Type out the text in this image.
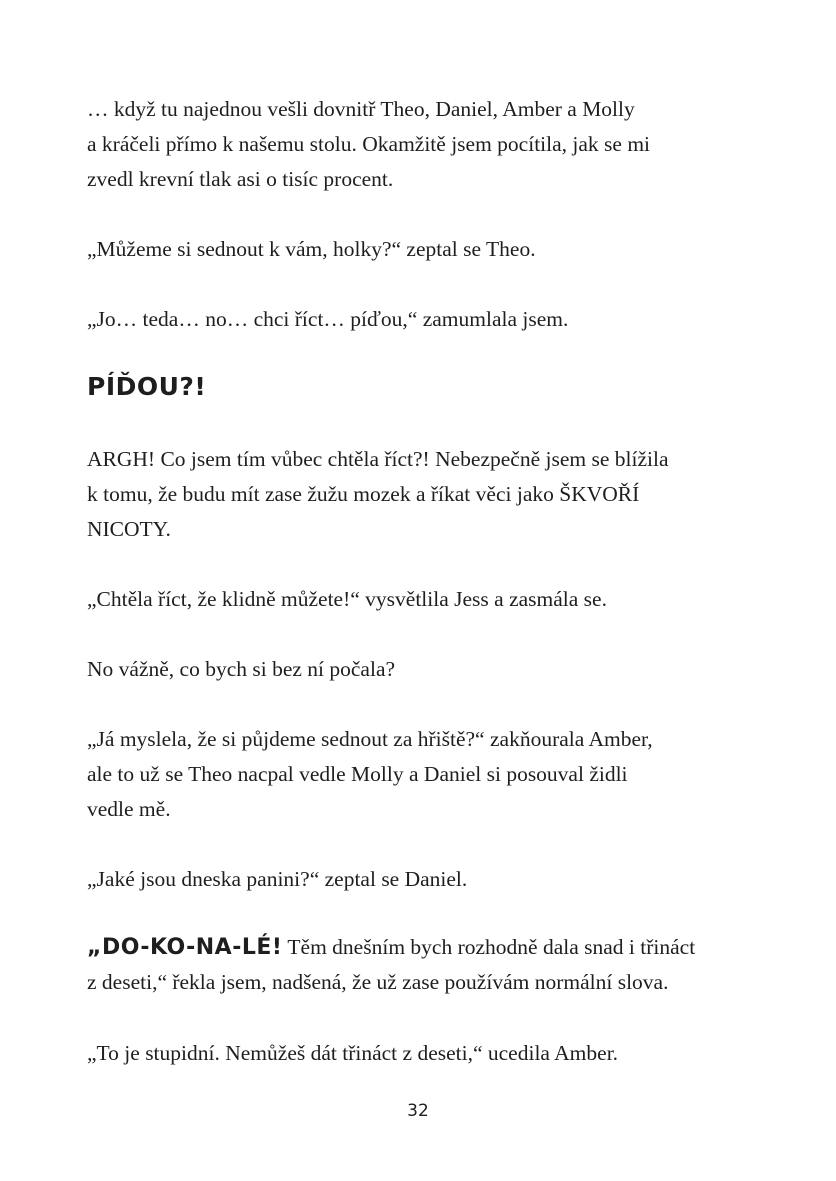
… když tu najednou vešli dovnitř Theo, Daniel, Amber a Molly
a kráčeli přímo k našemu stolu. Okamžitě jsem pocítila, jak se mi
zvedl krevní tlak asi o tisíc procent.

„Můžeme si sednout k vám, holky?“ zeptal se Theo.

„Jo… teda… no… chci říct… píďou,“ zamumlala jsem.

PÍĎOU?!

ARGH! Co jsem tím vůbec chtěla říct?! Nebezpečně jsem se blížila
k tomu, že budu mít zase žužu mozek a říkat věci jako ŠKVOŘÍ
NICOTY.

„Chtěla říct, že klidně můžete!“ vysvětlila Jess a zasmála se.

No vážně, co bych si bez ní počala?

„Já myslela, že si půjdeme sednout za hřiště?“ zakňourala Amber,
ale to už se Theo nacpal vedle Molly a Daniel si posouval židli
vedle mě.

„Jaké jsou dneska panini?“ zeptal se Daniel.

„DO-KO-NA-LÉ! Těm dnešním bych rozhodně dala snad i třináct
z deseti,“ řekla jsem, nadšená, že už zase používám normální slova.

„To je stupidní. Nemůžeš dát třináct z deseti,“ ucedila Amber.

32
